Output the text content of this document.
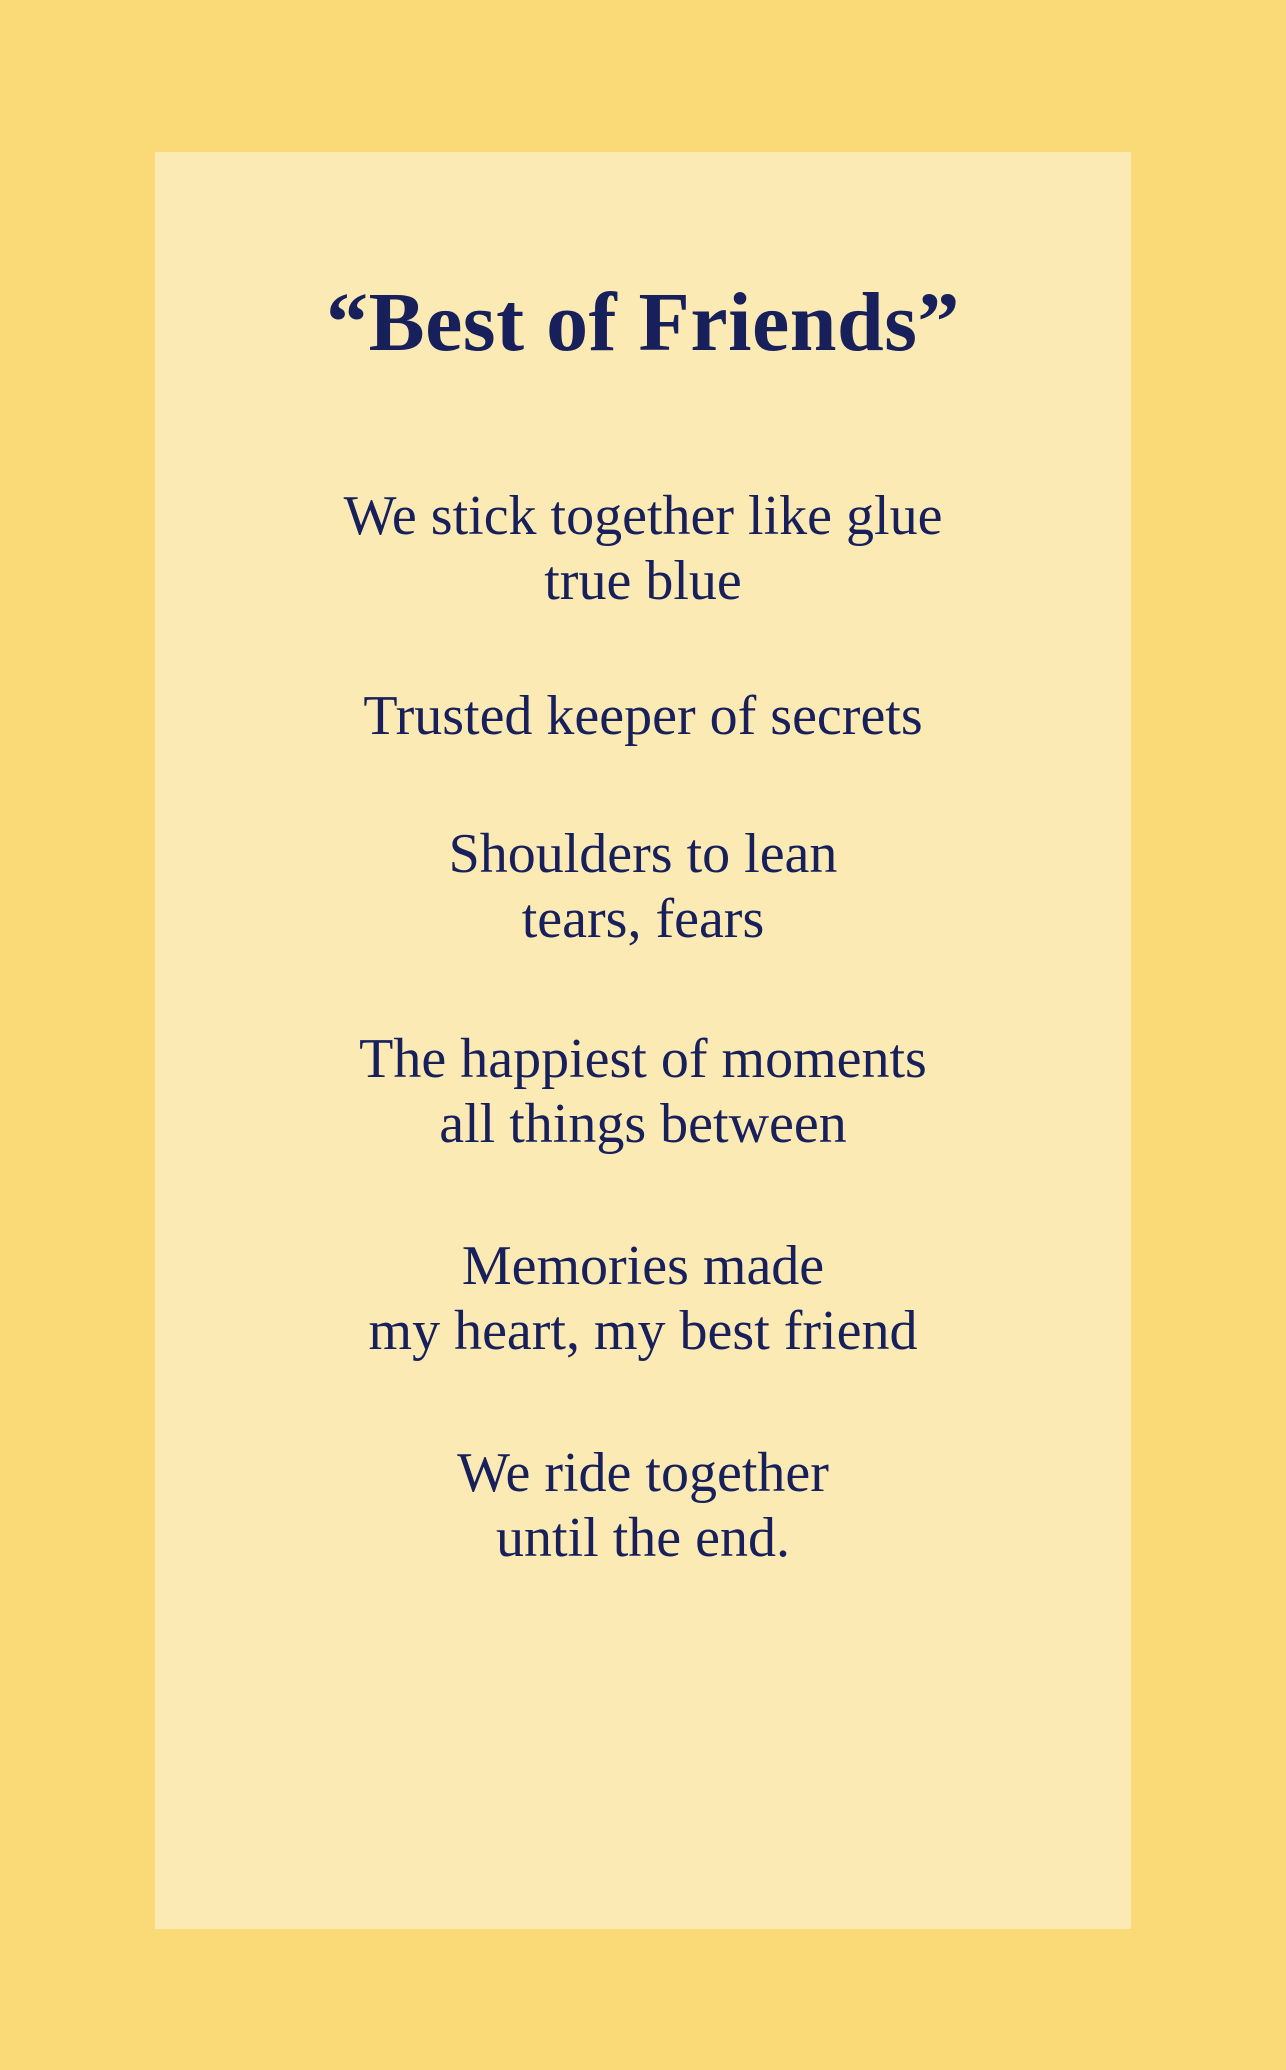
“Best of Friends”

We stick together like glue
true blue

Trusted keeper of secrets

Shoulders to lean
tears, fears

The happiest of moments
all things between

Memories made
my heart, my best friend

We ride together
until the end.
